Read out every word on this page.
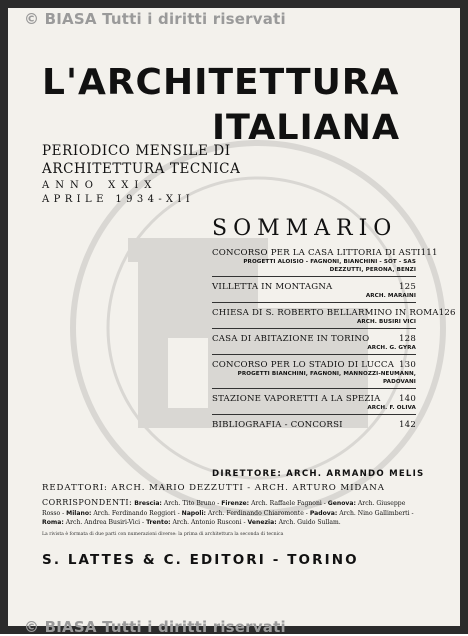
© BIASA Tutti i diritti riservati
L'ARCHITETTURA
ITALIANA
PERIODICO MENSILE DI
ARCHITETTURA TECNICA
ANNO XXIX
APRILE 1934-XII
SOMMARIO
CONCORSO PER LA CASA LITTORIA DI ASTI 111
PROGETTI ALOISIO - FAGNONI, BIANCHINI - SOT - SAS
DEZZUTTI, PERONA, BENZI
VILLETTA IN MONTAGNA	125
ARCH. MARAINI
CHIESA DI S. ROBERTO BELLARMINO IN ROMA 126
ARCH. BUSIRI VICI
CASA DI ABITAZIONE IN TORINO	128
ARCH. G. GYRA
CONCORSO PER LO STADIO DI LUCCA 130
PROGETTI BIANCHINI, FAGNONI, MANNOZZI-NEUMANN,
PADOVANI
STAZIONE VAPORETTI A LA SPEZIA 140
ARCH. F. OLIVA
BIBLIOGRAFIA - CONCORSI	142
DIRETTORE: ARCH. ARMANDO MELIS
REDATTORI: ARCH. MARIO DEZZUTTI - ARCH. ARTURO MIDANA
CORRISPONDENTI: Brescia: Arch. Tito Bruno - Firenze: Arch. Raffaele Fagnoni - Genova: Arch. Giuseppe Rosso - Milano: Arch. Ferdinando Reggiori - Napoli: Arch. Ferdinando Chiaromonte - Padova: Arch. Nino Gallimberti - Roma: Arch. Andrea Busiri-Vici - Trento: Arch. Antonio Rusconi - Venezia: Arch. Guido Sullam.
La rivista è formata di due parti con numerazioni diverse: la prima di architettura la seconda di tecnica
S. LATTES & C. EDITORI - TORINO
© BIASA Tutti i diritti riservati
